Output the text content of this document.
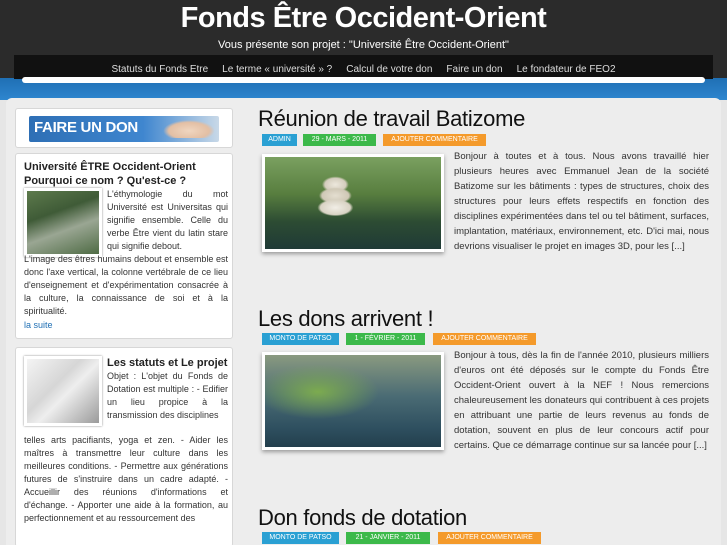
Fonds Être Occident-Orient
Vous présente son projet : "Université Être Occident-Orient"
Statuts du Fonds Etre Le terme « université » ? Calcul de votre don Faire un don Le fondateur de FEO2
FAIRE UN DON
Université ÊTRE Occident-Orient
Pourquoi ce nom ? Qu'est-ce ?
L'éthymologie du mot Université est Universitas qui signifie ensemble. Celle du verbe Être vient du latin stare qui signifie debout.
L'image des êtres humains debout et ensemble est donc l'axe vertical, la colonne vertébrale de ce lieu d'enseignement et d'expérimentation consacrée à la culture, la connaissance de soi et à la spiritualité.
la suite
Les statuts et Le projet
Objet : L'objet du Fonds de Dotation est multiple : - Edifier un lieu propice à la transmission des disciplines
telles arts pacifiants, yoga et zen. - Aider les maîtres à transmettre leur culture dans les meilleures conditions. - Permettre aux générations futures de s'instruire dans un cadre adapté. - Accueillir des réunions d'informations et d'échange. - Apporter une aide à la formation, au perfectionnement et au ressourcement des
Réunion de travail Batizome
ADMIN	29 - MARS - 2011	AJOUTER COMMENTAIRE
Bonjour à toutes et à tous. Nous avons travaillé hier plusieurs heures avec Emmanuel Jean de la société Batizome sur les bâtiments : types de structures, choix des structures pour leurs effets respectifs en fonction des disciplines expérimentées dans tel ou tel bâtiment, surfaces, implantation, matériaux, environnement, etc. D'ici mai, nous devrions visualiser le projet en images 3D, pour les [...]
Les dons arrivent !
MONTO DE PATSO	1 - FÉVRIER - 2011	AJOUTER COMMENTAIRE
Bonjour à tous, dès la fin de l'année 2010, plusieurs milliers d'euros ont été déposés sur le compte du Fonds Être Occident-Orient ouvert à la NEF ! Nous remercions chaleureusement les donateurs qui contribuent à ces projets en attribuant une partie de leurs revenus au fonds de dotation, souvent en plus de leur concours actif pour certains. Que ce démarrage continue sur sa lancée pour [...]
Don fonds de dotation
MONTO DE PATSO	21 - JANVIER - 2011	AJOUTER COMMENTAIRE
